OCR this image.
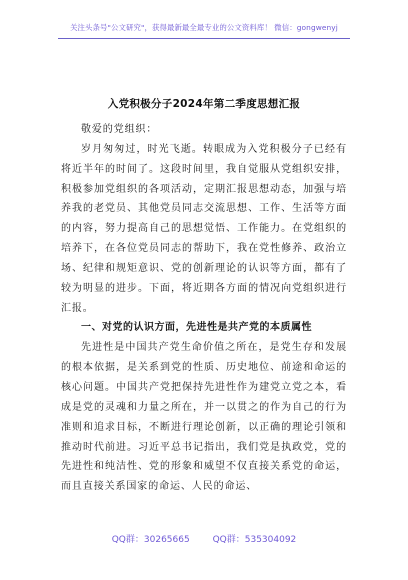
关注头条号"公文研究"，获得最新最全最专业的公文资料库！ 微信：gongwenyj
入党积极分子2024年第二季度思想汇报

敬爱的党组织：

岁月匆匆过，时光飞逝。转眼成为入党积极分子已经有将近半年的时间了。这段时间里，我自觉服从党组织安排，积极参加党组织的各项活动，定期汇报思想动态，加强与培养我的老党员、其他党员同志交流思想、工作、生活等方面的内容，努力提高自己的思想觉悟、工作能力。在党组织的培养下，在各位党员同志的帮助下，我在党性修养、政治立场、纪律和规矩意识、党的创新理论的认识等方面，都有了较为明显的进步。下面，将近期各方面的情况向党组织进行汇报。

一、对党的认识方面，先进性是共产党的本质属性

先进性是中国共产党生命价值之所在，是党生存和发展的根本依据，是关系到党的性质、历史地位、前途和命运的核心问题。中国共产党把保持先进性作为建党立党之本，看成是党的灵魂和力量之所在，并一以贯之的作为自己的行为准则和追求目标，不断进行理论创新，以正确的理论引领和推动时代前进。习近平总书记指出，我们党是执政党，党的先进性和纯洁性、党的形象和威望不仅直接关系党的命运，而且直接关系国家的命运、人民的命运、

QQ群：30265665	QQ群：535304092
